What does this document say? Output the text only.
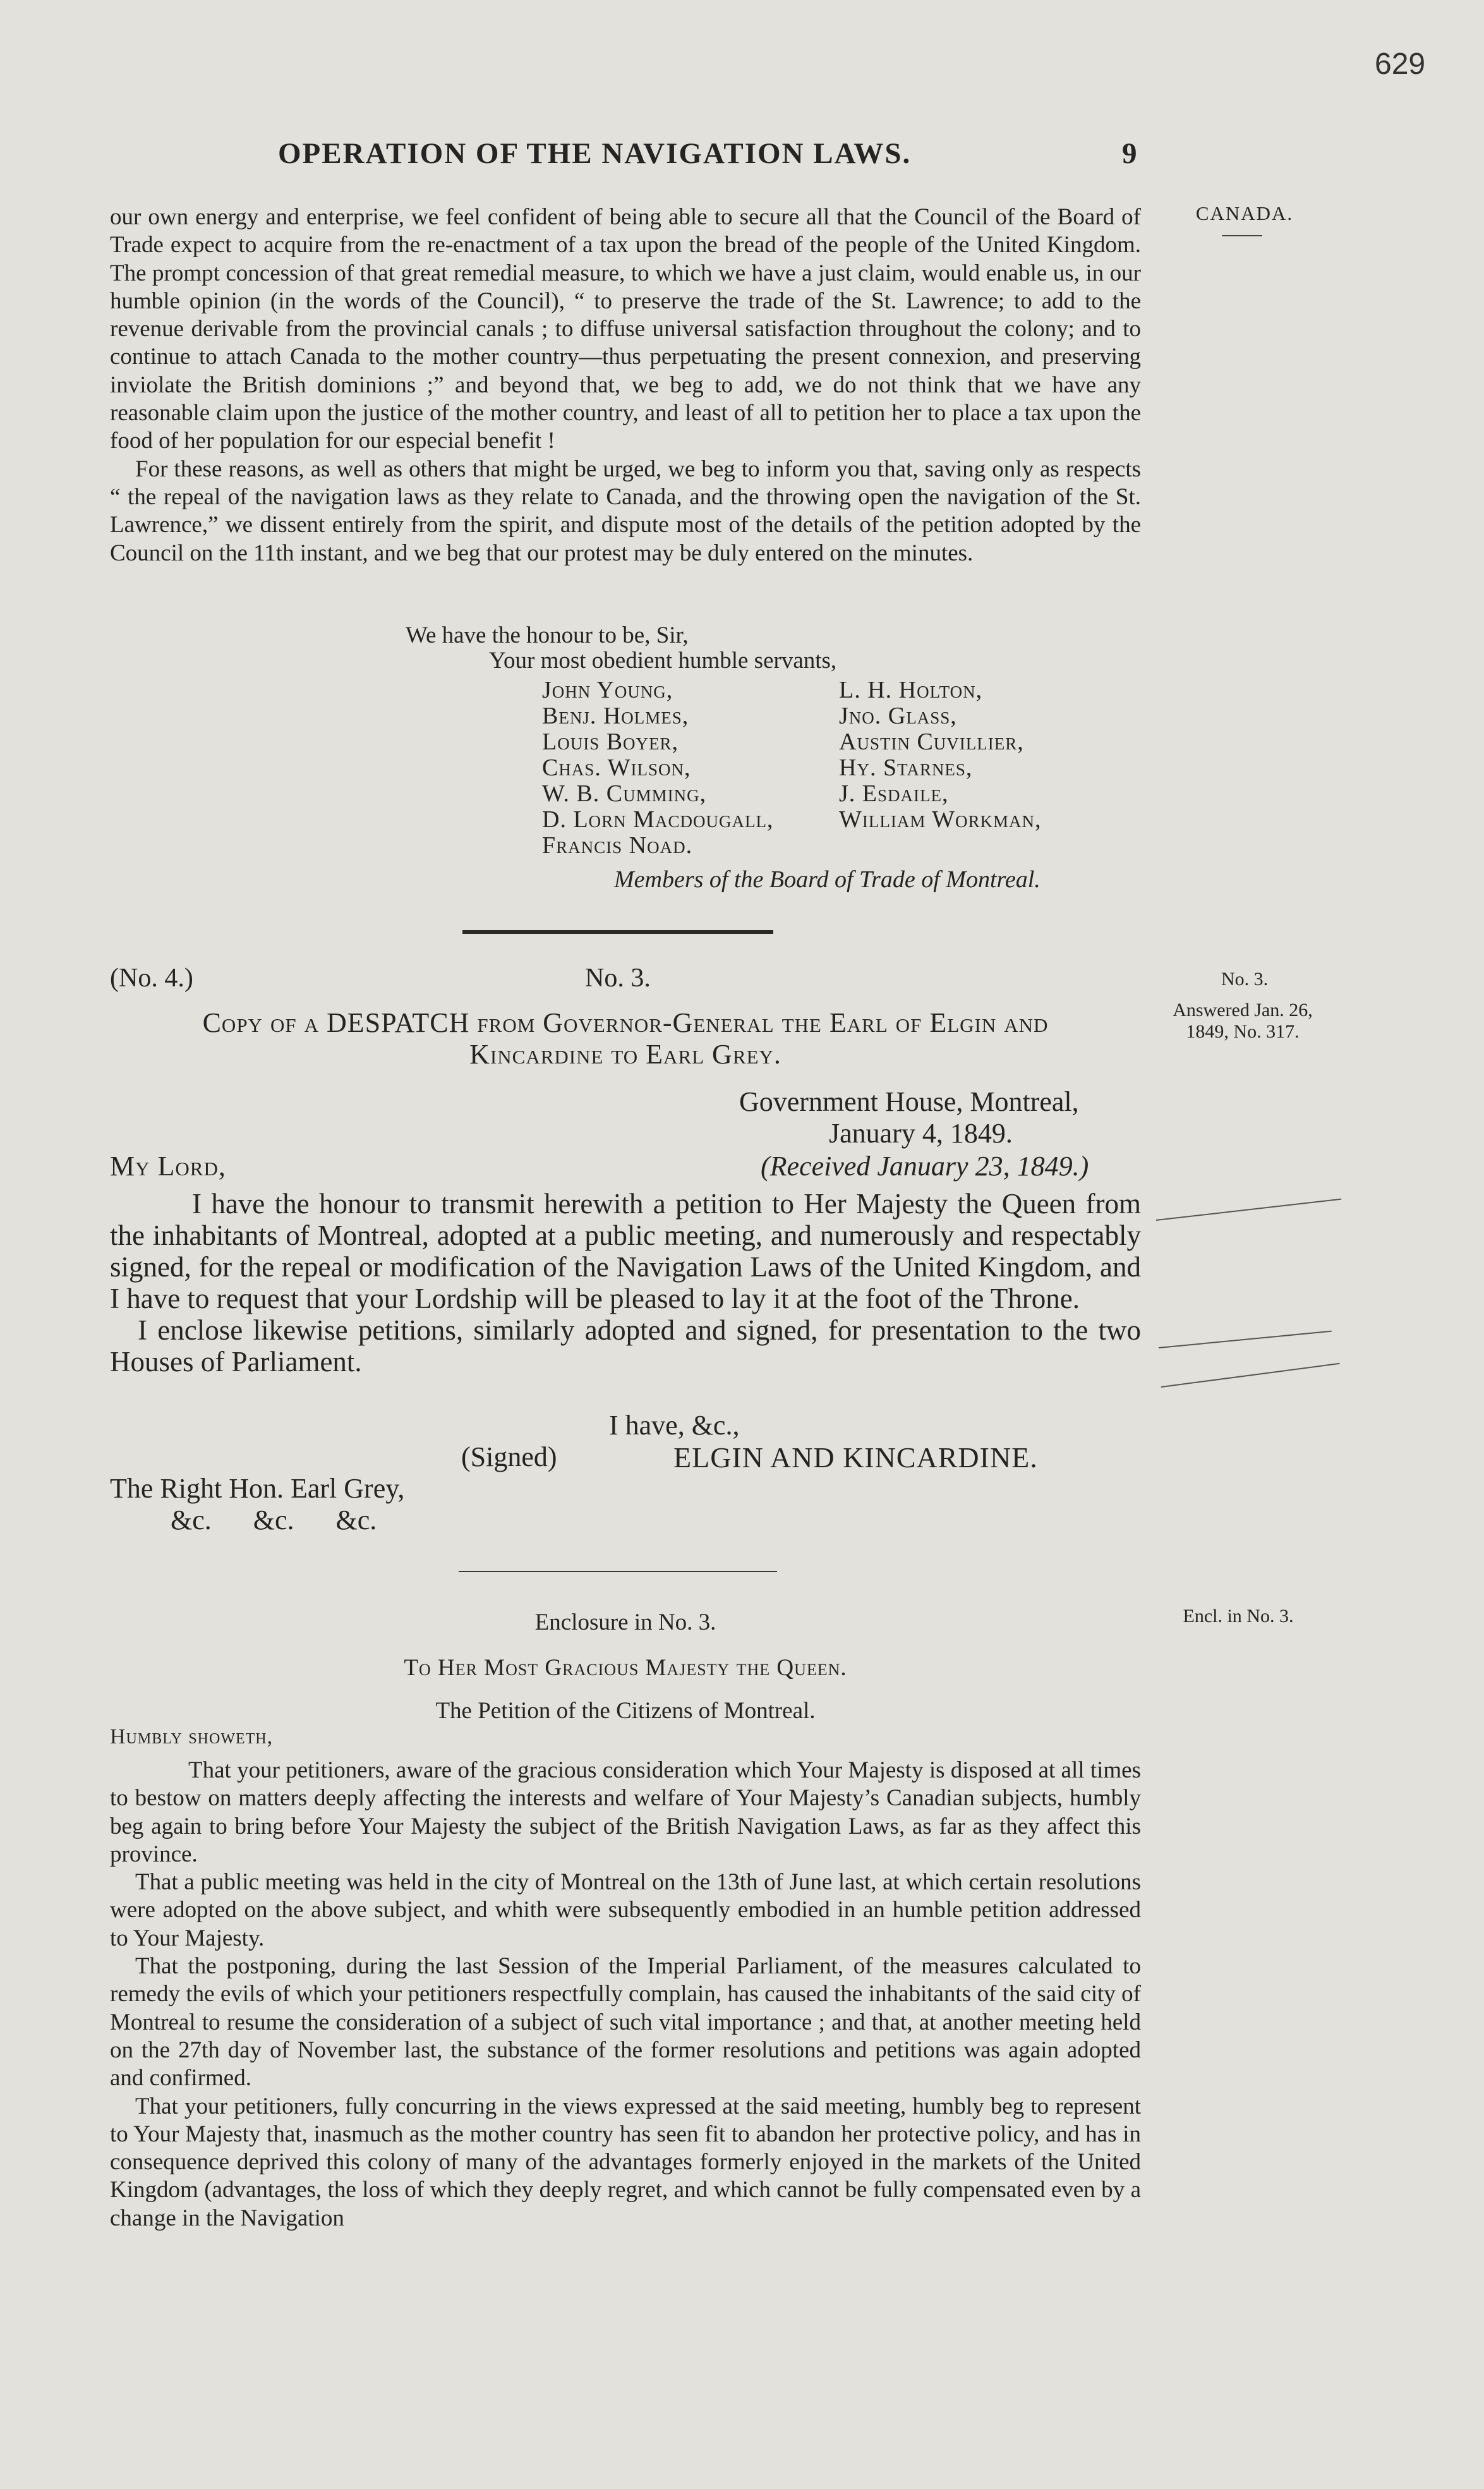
629
OPERATION OF THE NAVIGATION LAWS.	9
CANADA.
No. 3.
Answered Jan. 26,
1849, No. 317.
Encl. in No. 3.

our own energy and enterprise, we feel confident of being able to secure all that the Council of the Board of Trade expect to acquire from the re-enactment of a tax upon the bread of the people of the United Kingdom. The prompt concession of that great remedial measure, to which we have a just claim, would enable us, in our humble opinion (in the words of the Council), “ to preserve the trade of the St. Lawrence; to add to the revenue derivable from the provincial canals ; to diffuse universal satisfaction throughout the colony; and to continue to attach Canada to the mother country—thus perpetuating the present connexion, and preserving inviolate the British dominions ;” and beyond that, we beg to add, we do not think that we have any reasonable claim upon the justice of the mother country, and least of all to petition her to place a tax upon the food of her population for our especial benefit !

For these reasons, as well as others that might be urged, we beg to inform you that, saving only as respects “ the repeal of the navigation laws as they relate to Canada, and the throwing open the navigation of the St. Lawrence,” we dissent entirely from the spirit, and dispute most of the details of the petition adopted by the Council on the 11th instant, and we beg that our protest may be duly entered on the minutes.

We have the honour to be, Sir,
Your most obedient humble servants,
John Young,	L. H. Holton,
Benj. Holmes,	Jno. Glass,
Louis Boyer,	Austin Cuvillier,
Chas. Wilson,	Hy. Starnes,
W. B. Cumming,	J. Esdaile,
D. Lorn Macdougall,	William Workman,
Francis Noad.
Members of the Board of Trade of Montreal.
(No. 4.)	No. 3.
Copy of a DESPATCH from Governor-General the Earl of Elgin and
Kincardine to Earl Grey.
Government House, Montreal,
January 4, 1849.
My Lord,	(Received January 23, 1849.)

I have the honour to transmit herewith a petition to Her Majesty the Queen from the inhabitants of Montreal, adopted at a public meeting, and numerously and respectably signed, for the repeal or modification of the Navigation Laws of the United Kingdom, and I have to request that your Lordship will be pleased to lay it at the foot of the Throne.

I enclose likewise petitions, similarly adopted and signed, for presentation to the two Houses of Parliament.

I have, &c.,
(Signed)	ELGIN AND KINCARDINE.
The Right Hon. Earl Grey,
&c.      &c.      &c.
Enclosure in No. 3.
To Her Most Gracious Majesty the Queen.
The Petition of the Citizens of Montreal.
Humbly showeth,

That your petitioners, aware of the gracious consideration which Your Majesty is disposed at all times to bestow on matters deeply affecting the interests and welfare of Your Majesty’s Canadian subjects, humbly beg again to bring before Your Majesty the subject of the British Navigation Laws, as far as they affect this province.

That a public meeting was held in the city of Montreal on the 13th of June last, at which certain resolutions were adopted on the above subject, and whith were subsequently embodied in an humble petition addressed to Your Majesty.

That the postponing, during the last Session of the Imperial Parliament, of the measures calculated to remedy the evils of which your petitioners respectfully complain, has caused the inhabitants of the said city of Montreal to resume the consideration of a subject of such vital importance ; and that, at another meeting held on the 27th day of November last, the substance of the former resolutions and petitions was again adopted and confirmed.

That your petitioners, fully concurring in the views expressed at the said meeting, humbly beg to represent to Your Majesty that, inasmuch as the mother country has seen fit to abandon her protective policy, and has in consequence deprived this colony of many of the advantages formerly enjoyed in the markets of the United Kingdom (advantages, the loss of which they deeply regret, and which cannot be fully compensated even by a change in the Navigation
